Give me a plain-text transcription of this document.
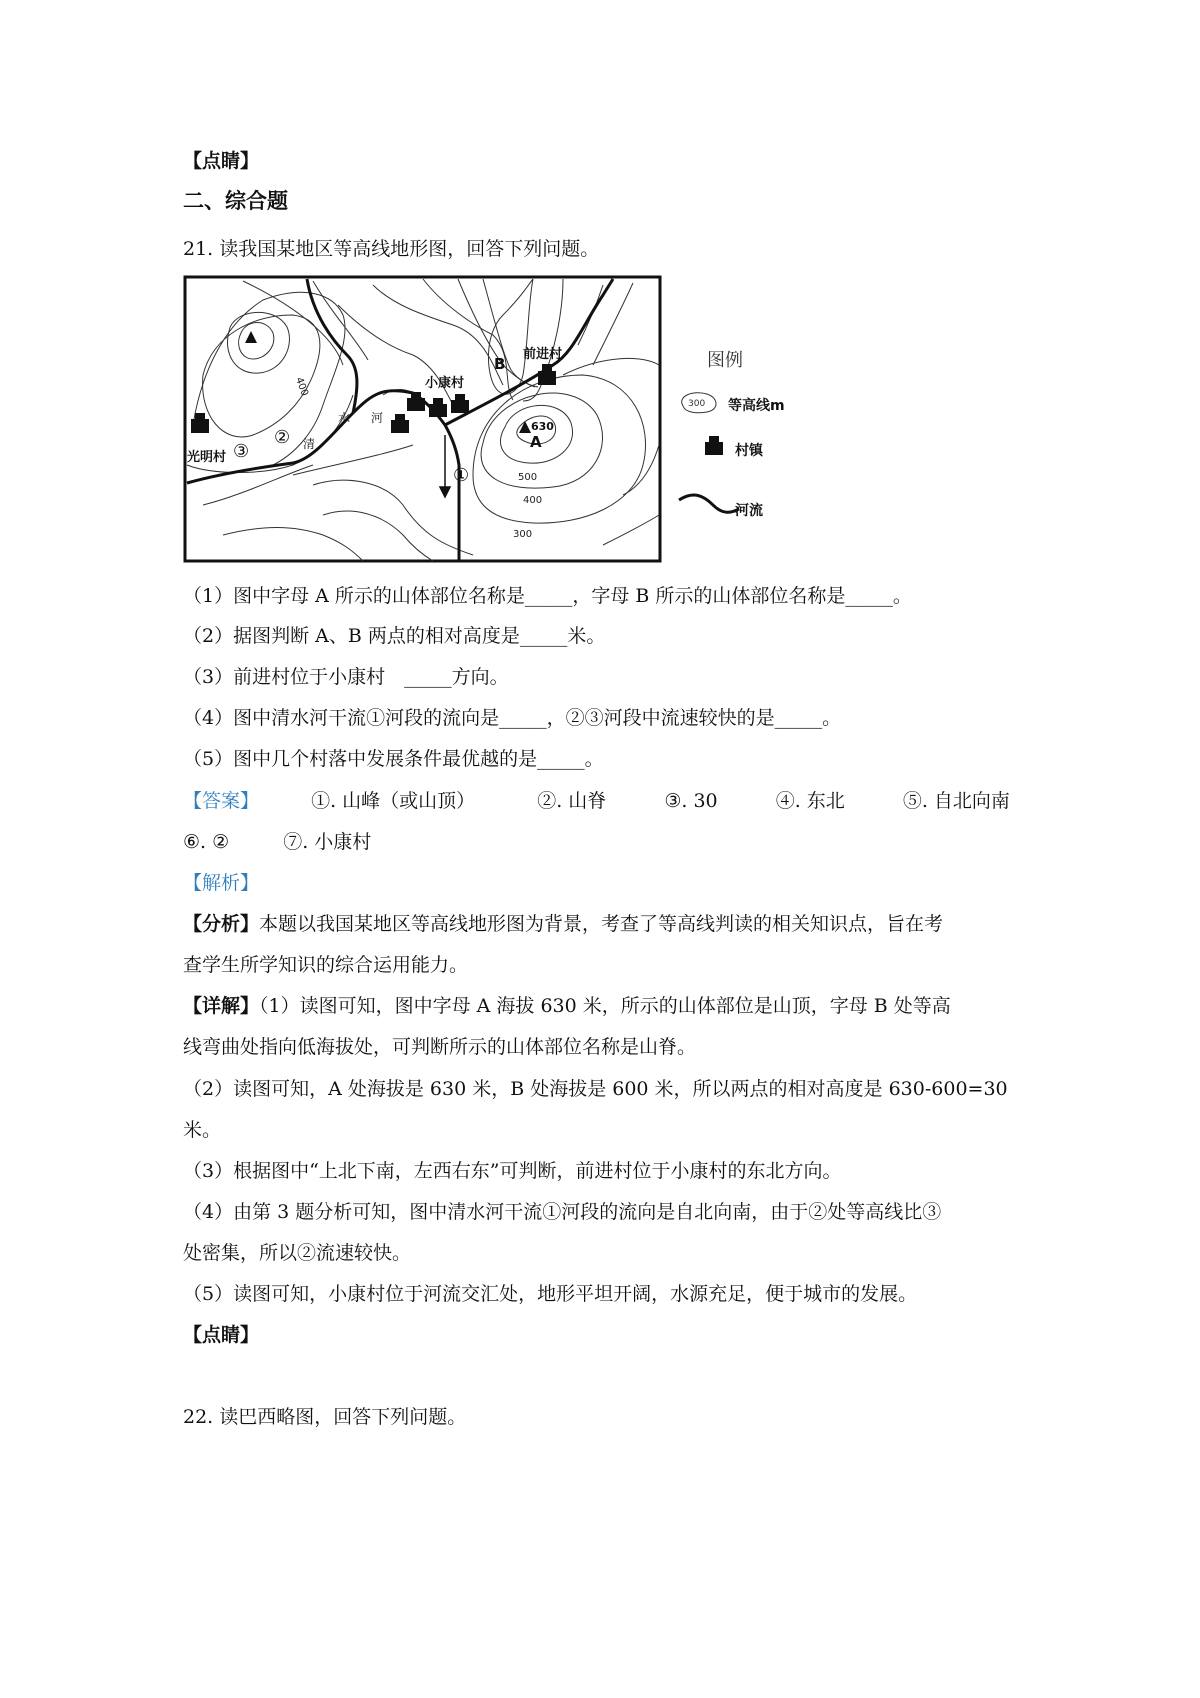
【点睛】
二、综合题
21. 读我国某地区等高线地形图，回答下列问题。
光明村
小康村
前进村
清
水 河
400
500
400
300
630
A
B
①
②
③
图例
300 等高线m
村镇
河流
（1）图中字母 A 所示的山体部位名称是_____，字母 B 所示的山体部位名称是_____。
（2）据图判断 A、B 两点的相对高度是_____米。
（3）前进村位于小康村　_____方向。
（4）图中清水河干流①河段的流向是_____，②③河段中流速较快的是_____。
（5）图中几个村落中发展条件最优越的是_____。
【答案】	①. 山峰（或山顶）	②. 山脊	③. 30	④. 东北	⑤. 自北向南
⑥. ②	⑦. 小康村
【解析】
【分析】本题以我国某地区等高线地形图为背景，考查了等高线判读的相关知识点，旨在考
查学生所学知识的综合运用能力。
【详解】（1）读图可知，图中字母 A 海拔 630 米，所示的山体部位是山顶，字母 B 处等高
线弯曲处指向低海拔处，可判断所示的山体部位名称是山脊。
（2）读图可知，A 处海拔是 630 米，B 处海拔是 600 米，所以两点的相对高度是 630-600=30
米。
（3）根据图中“上北下南，左西右东”可判断，前进村位于小康村的东北方向。
（4）由第 3 题分析可知，图中清水河干流①河段的流向是自北向南，由于②处等高线比③
处密集，所以②流速较快。
（5）读图可知，小康村位于河流交汇处，地形平坦开阔，水源充足，便于城市的发展。
【点睛】
22. 读巴西略图，回答下列问题。
